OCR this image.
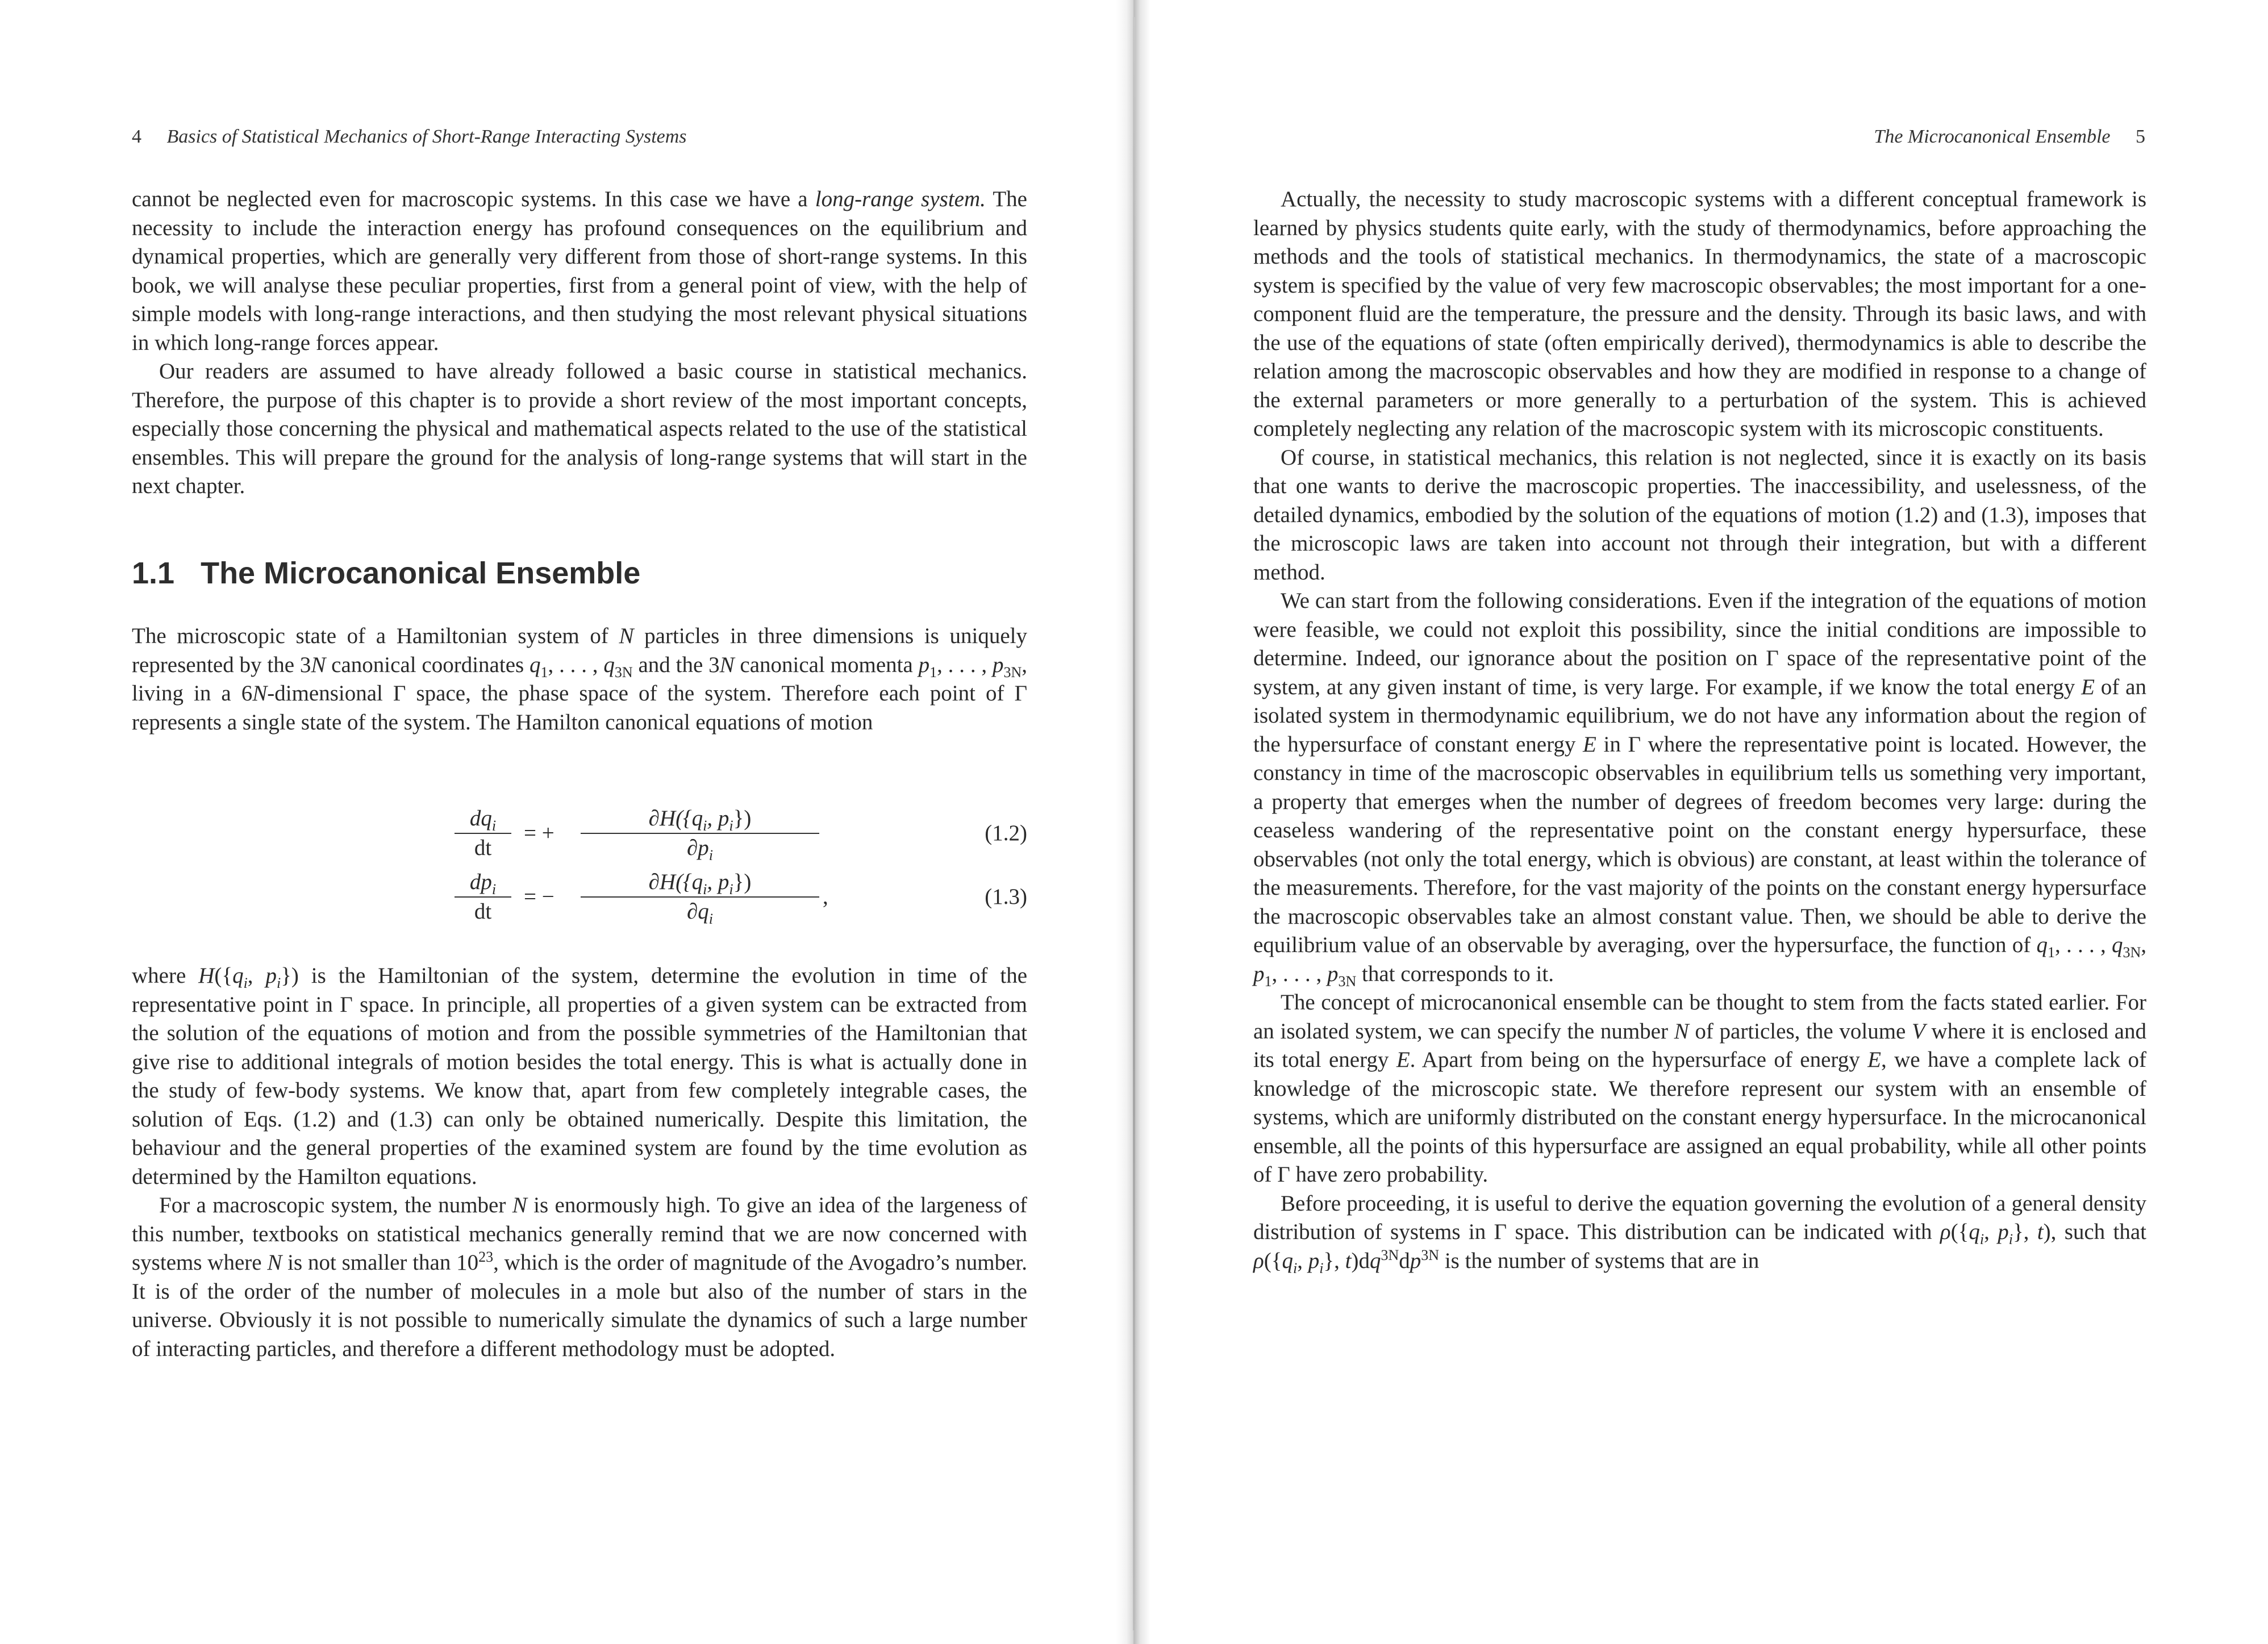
4 Basics of Statistical Mechanics of Short-Range Interacting Systems

cannot be neglected even for macroscopic systems. In this case we have a long-range system. The necessity to include the interaction energy has profound consequences on the equilibrium and dynamical properties, which are generally very different from those of short-range systems. In this book, we will analyse these peculiar properties, first from a general point of view, with the help of simple models with long-range interactions, and then studying the most relevant physical situations in which long-range forces appear.

Our readers are assumed to have already followed a basic course in statistical mechanics. Therefore, the purpose of this chapter is to provide a short review of the most important concepts, especially those concerning the physical and mathematical aspects related to the use of the statistical ensembles. This will prepare the ground for the analysis of long-range systems that will start in the next chapter.

1.1 The Microcanonical Ensemble

The microscopic state of a Hamiltonian system of N particles in three dimensions is uniquely represented by the 3N canonical coordinates $q_1$, . . . , $q_{3N}$ and the 3N canonical momenta $p_1$, . . . , $p_{3N}$, living in a 6N-dimensional Γ space, the phase space of the system. Therefore each point of Γ represents a single state of the system. The Hamilton canonical equations of motion

$dq_i$
dt
= +
$\partial H(\{q_i$, $p_i$})
$\partial p_i$
(1.2)
$dp_i$
dt
= −
$\partial H(\{q_i$, $p_i$})
$\partial q_i$
,	(1.3)

where $H(\{q_i$, $p_i$}) is the Hamiltonian of the system, determine the evolution in time of the representative point in Γ space. In principle, all properties of a given system can be extracted from the solution of the equations of motion and from the possible symmetries of the Hamiltonian that give rise to additional integrals of motion besides the total energy. This is what is actually done in the study of few-body systems. We know that, apart from few completely integrable cases, the solution of Eqs. (1.2) and (1.3) can only be obtained numerically. Despite this limitation, the behaviour and the general properties of the examined system are found by the time evolution as determined by the Hamilton equations.

For a macroscopic system, the number N is enormously high. To give an idea of the largeness of this number, textbooks on statistical mechanics generally remind that we are now concerned with systems where N is not smaller than $10^{23}$, which is the order of magnitude of the Avogadro’s number. It is of the order of the number of molecules in a mole but also of the number of stars in the universe. Obviously it is not possible to numerically simulate the dynamics of such a large number of interacting particles, and therefore a different methodology must be adopted.

The Microcanonical Ensemble 5

Actually, the necessity to study macroscopic systems with a different conceptual framework is learned by physics students quite early, with the study of thermodynamics, before approaching the methods and the tools of statistical mechanics. In thermodynamics, the state of a macroscopic system is specified by the value of very few macroscopic observables; the most important for a one-component fluid are the temperature, the pressure and the density. Through its basic laws, and with the use of the equations of state (often empirically derived), thermodynamics is able to describe the relation among the macroscopic observables and how they are modified in response to a change of the external parameters or more generally to a perturbation of the system. This is achieved completely neglecting any relation of the macroscopic system with its microscopic constituents.

Of course, in statistical mechanics, this relation is not neglected, since it is exactly on its basis that one wants to derive the macroscopic properties. The inaccessibility, and uselessness, of the detailed dynamics, embodied by the solution of the equations of motion (1.2) and (1.3), imposes that the microscopic laws are taken into account not through their integration, but with a different method.

We can start from the following considerations. Even if the integration of the equations of motion were feasible, we could not exploit this possibility, since the initial conditions are impossible to determine. Indeed, our ignorance about the position on Γ space of the representative point of the system, at any given instant of time, is very large. For example, if we know the total energy E of an isolated system in thermodynamic equilibrium, we do not have any information about the region of the hypersurface of constant energy E in Γ where the representative point is located. However, the constancy in time of the macroscopic observables in equilibrium tells us something very important, a property that emerges when the number of degrees of freedom becomes very large: during the ceaseless wandering of the representative point on the constant energy hypersurface, these observables (not only the total energy, which is obvious) are constant, at least within the tolerance of the measurements. Therefore, for the vast majority of the points on the constant energy hypersurface the macroscopic observables take an almost constant value. Then, we should be able to derive the equilibrium value of an observable by averaging, over the hypersurface, the function of $q_1$, . . . , $q_{3N}$, $p_1$, . . . , $p_{3N}$ that corresponds to it.

The concept of microcanonical ensemble can be thought to stem from the facts stated earlier. For an isolated system, we can specify the number N of particles, the volume V where it is enclosed and its total energy E. Apart from being on the hypersurface of energy E, we have a complete lack of knowledge of the microscopic state. We therefore represent our system with an ensemble of systems, which are uniformly distributed on the constant energy hypersurface. In the microcanonical ensemble, all the points of this hypersurface are assigned an equal probability, while all other points of Γ have zero probability.

Before proceeding, it is useful to derive the equation governing the evolution of a general density distribution of systems in Γ space. This distribution can be indicated with $\rho(\{q_i$, $p_i$}, t), such that $\rho(\{q_i$, $p_i$}, $t)dq^{3N}dp^{3N}$ is the number of systems that are in
